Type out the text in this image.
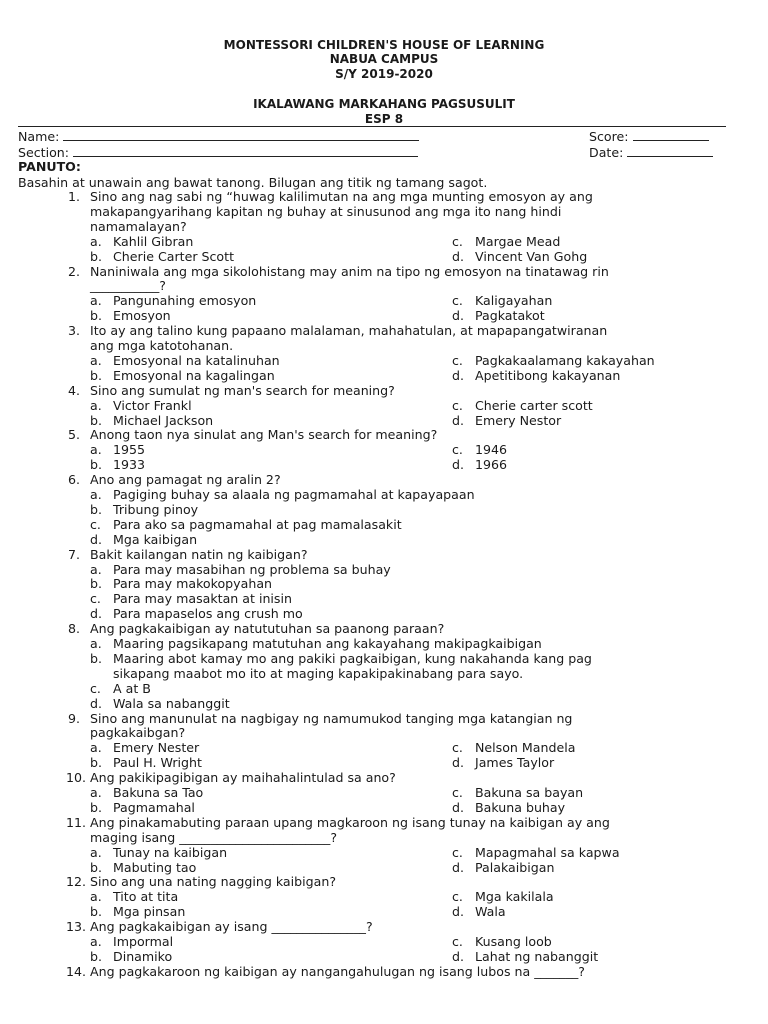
MONTESSORI CHILDREN'S HOUSE OF LEARNING
NABUA CAMPUS
S/Y 2019-2020
IKALAWANG MARKAHANG PAGSUSULIT
ESP 8
Name:	Score:
Section:	Date:
PANUTO:
Basahin at unawain ang bawat tanong. Bilugan ang titik ng tamang sagot.
1. Sino ang nag sabi ng “huwag kalilimutan na ang mga munting emosyon ay ang
makapangyarihang kapitan ng buhay at sinusunod ang mga ito nang hindi
namamalayan?
a. Kahlil Gibran	c. Margae Mead
b. Cherie Carter Scott	d. Vincent Van Gohg
2. Naniniwala ang mga sikolohistang may anim na tipo ng emosyon na tinatawag rin
___________?
a. Pangunahing emosyon	c. Kaligayahan
b. Emosyon	d. Pagkatakot
3. Ito ay ang talino kung papaano malalaman, mahahatulan, at mapapangatwiranan
ang mga katotohanan.
a. Emosyonal na katalinuhan	c. Pagkakaalamang kakayahan
b. Emosyonal na kagalingan	d. Apetitibong kakayanan
4. Sino ang sumulat ng man's search for meaning?
a. Victor Frankl	c. Cherie carter scott
b. Michael Jackson	d. Emery Nestor
5. Anong taon nya sinulat ang Man's search for meaning?
a. 1955	c. 1946
b. 1933	d. 1966
6. Ano ang pamagat ng aralin 2?
a. Pagiging buhay sa alaala ng pagmamahal at kapayapaan
b. Tribung pinoy
c. Para ako sa pagmamahal at pag mamalasakit
d. Mga kaibigan
7. Bakit kailangan natin ng kaibigan?
a. Para may masabihan ng problema sa buhay
b. Para may makokopyahan
c. Para may masaktan at inisin
d. Para mapaselos ang crush mo
8. Ang pagkakaibigan ay natututuhan sa paanong paraan?
a. Maaring pagsikapang matutuhan ang kakayahang makipagkaibigan
b. Maaring abot kamay mo ang pakiki pagkaibigan, kung nakahanda kang pag
sikapang maabot mo ito at maging kapakipakinabang para sayo.
c. A at B
d. Wala sa nabanggit
9. Sino ang manunulat na nagbigay ng namumukod tanging mga katangian ng
pagkakaibgan?
a. Emery Nester	c. Nelson Mandela
b. Paul H. Wright	d. James Taylor
10. Ang pakikipagibigan ay maihahalintulad sa ano?
a. Bakuna sa Tao	c. Bakuna sa bayan
b. Pagmamahal	d. Bakuna buhay
11. Ang pinakamabuting paraan upang magkaroon ng isang tunay na kaibigan ay ang
maging isang ________________________?
a. Tunay na kaibigan	c. Mapagmahal sa kapwa
b. Mabuting tao	d. Palakaibigan
12. Sino ang una nating nagging kaibigan?
a. Tito at tita	c. Mga kakilala
b. Mga pinsan	d. Wala
13. Ang pagkakaibigan ay isang _______________?
a. Impormal	c. Kusang loob
b. Dinamiko	d. Lahat ng nabanggit
14. Ang pagkakaroon ng kaibigan ay nangangahulugan ng isang lubos na _______?
